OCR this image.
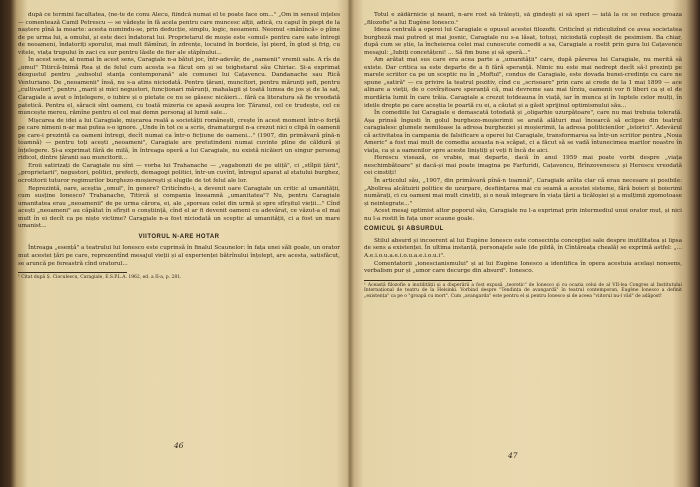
după ce termini facultatea, (ne-te de conu Alecu, fiindcă numai el te poate face om..." „Om în sensul înțeles — comentează Camil Petrescu — se vădește în fă acela pentru care muncesc alții, adică, cu capul în piept de la naștere pînă la moarte: acesta numindu-se, prin deducție, simplu, logic, neoameni. Neomul «mănîncă» o pîine de pe urma lui, a omului, și este deci îndatorat lui. Proprietarul de moșie este «omul» pentru care sate întregi de neoameni, îndatoriți sporului, mai mult flămînzi, în zdrențe, locuind în bordeie, își pierd, în glod și frig, cu vitele, viața trupului în zaci cu sur pentru lăsile de fier ale stăpînului...

În acest sens, al numai în acest sens, Caragiale n-a bătut joc, într-adevăr, de „oamenii" vremii sale. A rîs de „omul" Titircă-Inimă Rea și de felul cum acesta s-a făcut om și se teighetarul său Chiriac. Și-a exprimat dezgustul pentru „subsolul stanța contemporană" ale comunei lui Cațavencu. Dandanache sau Rică Venturiano. De „neoamenii" însă, nu s-a atins niciodată. Pentru țărani, muncitori, pentru mărunți șefi, pentru „cultivatori", pentru „marii și mici negustori, funcționari mărunți, mahalagii și toată lumea de jos și de la sat, Caragiale a avut o înțelegere, o iubire și o pietate ce nu se găsesc nicăieri... fără ca literatura să fie vreodată patetică. Pentru el, săracii sînt oameni, cu toată mizeria ce apasă asupra lor. Țăranul, cel ce trudește, cel ce muncește mereu, rămîne pentru el cel mai demn personaj al lumii sale...

Mișcarea de idei a lui Caragiale, mișcarea reală a societății românești, crește în acest moment într-o forță pe care nimeni n-ar mai putea s-o ignore. „Unde în tot ce a scris, dramaturgul n-a crezut nici o clipă în oamenii pe care-i prezintă ca oameni întregi, decît numai ca într-o ficțiune de oameni..." (1907, din primăvară pînă-n toamnă) — pentru toți acești „neoameni", Caragiale are pretutindeni numai cuvinte pline de căldură și înțelegere. Și-a exprimat fără de milă, în întreaga operă a lui Caragiale, nu există nicăieri un singur personaj ridicol, dintre țăranii sau muncitorii...

Eroii satirizați de Caragiale nu sînt — vorba lui Trahanache — „vagabonzii de pe uliță", ci „stîlpii țării", „proprietarii", negustori, politici, prefecți, demagogi politici, într-un cuvînt, întregul aparat al statului burghez, ocrotitorii tuturor regimurilor burghezo-moșierești și slugile de tot felul ale lor.

Reprezintă, oare, aceștia „omul", în genere? Criticîndu-i, a devenit oare Caragiale un critic al umanității, cum susține Ionesco? Trahanache, Titircă și compania înseamnă „umanitatea"? Nu, pentru Caragiale umanitatea erau „neoamenii" de pe urma cărora, ei, ale „sporeau celei din urmă și spre sfîrșitul vieții..." Cînd acești „neoameni" au căpătat în sfîrșit o conștiință, cînd el ar fi devenit oameni cu adevărat, ce văzut-a el mai mult în ei decît ca pe niște victime? Caragiale n-a fost niciodată un sceptic al umanității, ci a fost un mare umanist...

VIITORUL N-ARE HOTAR

Întreaga „esență" a teatrului lui Ionesco este cuprinsă în finalul Scaunelor: în fața unei săli goale, un orator mut acestei țări pe care, reprezentînd mesajul vieții și al experienței bătrînului înțelept, are acesta, satisfăcut, se aruncă pe fereastră cînd oratorul...

¹ Citat după Ș. Cioculescu, Caragiale, E.S.P.L.A. 1962, ed. a II-a, p. 281.

46

Totul e zădărnicie și neant, n-are rost să trăiești, să gîndești și să speri — iată la ce se reduce groaza „filozofie" a lui Eugène Ionesco.¹

Ideea centrală a operei lui Caragiale e opusul acestei filozofii. Criticînd și ridiculizînd ce avea societatea burgheză mai putred și mai josnic, Caragiale nu s-a lăsat, totuși, niciodată copleșit de pesimism. Ba chiar, după cum se știe, la încheierea celei mai cunoscute comedii a sa, Caragiale a rostit prin gura lui Cațavencu mesajul: „Iubiți concetățeni! ... Să fim bune și să speră..."

Am arătat mai sus care era acea parte a „umanității" care, după părerea lui Caragiale, nu merită să existe. Dar critica sa este departe de a fi fără speranță. Nimic nu este mai nedrept decît să-l prezinți pe marele scriitor ca pe un sceptic nu în „Moftul", condus de Caragiale, este dovada bunei-credințe cu care ne spune „satiră" — cu privire la teatrul pozitiv, cînd cu „scrisoare" prin care ai crede de la 1 mai 1899 — ace alinare a vieții, de o covîrșitoare speranță că, mai devreme sau mai tîrziu, oamenii vor fi liberi ca și el de murdăria lumii în care trăia. Caragiale a crezut totdeauna în viață, iar în munca și în luptele celor mulți, în ideile drepte pe care aceștia le poartă cu ei, a căutat și a găsit sprijinul optimismului său...

În comediile lui Caragiale e demascată totodată și „oligarhie uzurpătoare", care nu mai trebuia tolerată. Așa prinsă îngusti în golul burghezo-moșierimii se arată alături mai încearcă să eclipse din teatrul caragialesc glumele nemiloase la adresa burgheziei și moșierimii, la adresa politicienilor „istorici". Adevărul că activitatea în campania de falsificare a operei lui Caragiale, transformarea sa într-un scriitor pentru „Noua Americ" a fost mai mult de comedia aceasta n-a scăpat, ci a făcut să se vadă întunecimea marilor noastre în viața, ca și a oamenilor spre aceste liniștiți și veți fi încă de aici.

Herescu visează, ce vrabie, mai departe, dacă în anul 1959 mai poate vorbi despre „viața neschimbătoare" și dacă-și mai poate imagina pe Farfuridi, Cațavencu, Brînzovenescu și Herescu vreodată cei cinstiți!

În articolul său, „1907, din primăvară pînă-n toamnă", Caragiale arăta clar că erau necesare și posibile: „Abolirea alcătuirii politice de uzurpare, desființarea mai cu seamă a acestei sisteme, fără boieri și boierimi numărați, ci cu oameni mai mult cinstiți, și o nouă integrare în viața țării a ticăloșiei și a mulțimii zgomotoase și neintegrate..."

Acest mesaj optimist altor poporul său, Caragiale nu l-a exprimat prin intermediul unui orator mut, și nici nu l-a rostit în fața unor scaune goale.

COMICUL ȘI ABSURDUL

Stilul absurd și incoerent al lui Eugène Ionesco este consecința concepției sale despre inutilitatea și lipsa de sens a existenței. În ultima instanță, personajele sale (de pildă, în Cîntăreața cheală) se exprimă astfel: „... A.e.i.o.u.a.e.i.o.u.a.e.i.o.u.i".

Comentatorii „ionescianismului" și ai lui Eugène Ionesco a identifica în opera acestuia același nonsens, verbalism pur și „umor care decurge din absurd". Ionesco.

¹ Această filozofie a inutilității și a disperării a fost expusă „teoretic" de Ionesco și cu ocazia celui de al VII-lea Congres al Institutului Internațional de teatru de la Helsinki. Vorbind despre "Tendința de avangardă" în teatrul contemporan, Eugène Ionesco a definit „existența" ca pe o "groapă cu mort". Cum „avangarda" este pentru el și pentru Ionesco și de aceea "viitorul nu-l văd" de adăpost!

47
